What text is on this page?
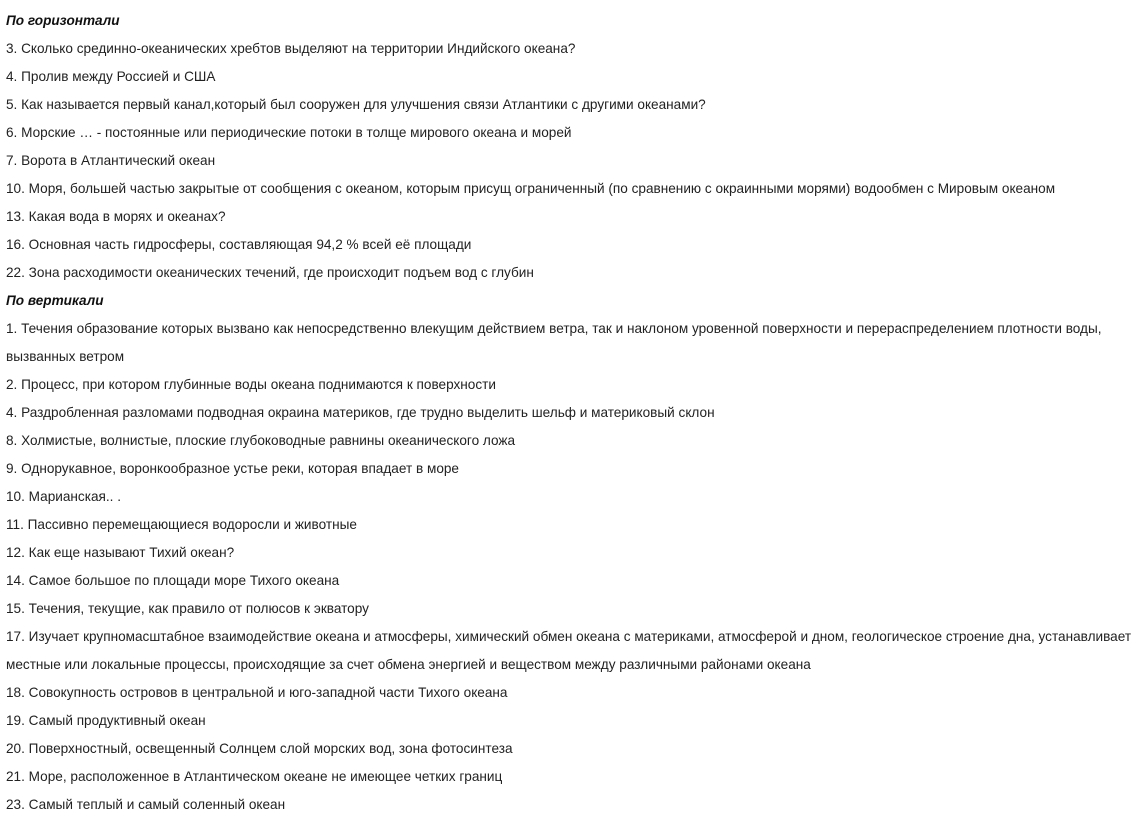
По горизонтали
3. Сколько срединно-океанических хребтов выделяют на территории Индийского океана?
4. Пролив между Россией и США
5. Как называется первый канал,который был сооружен для улучшения связи Атлантики с другими океанами?
6. Морские … - постоянные или периодические потоки в толще мирового океана и морей
7. Ворота в Атлантический океан
10. Моря, большей частью закрытые от сообщения с океаном, которым присущ ограниченный (по сравнению с окраинными морями) водообмен с Мировым океаном
13. Какая вода в морях и океанах?
16. Основная часть гидросферы, составляющая 94,2 % всей её площади
22. Зона расходимости океанических течений, где происходит подъем вод с глубин
По вертикали
1. Течения образование которых вызвано как непосредственно влекущим действием ветра, так и наклоном уровенной поверхности и перераспределением плотности воды, вызванных ветром
2. Процесс, при котором глубинные воды океана поднимаются к поверхности
4. Раздробленная разломами подводная окраина материков, где трудно выделить шельф и материковый склон
8. Холмистые, волнистые, плоские глубоководные равнины океанического ложа
9. Однорукавное, воронкообразное устье реки, которая впадает в море
10. Марианская.. .
11. Пассивно перемещающиеся водоросли и животные
12. Как еще называют Тихий океан?
14. Самое большое по площади море Тихого океана
15. Течения, текущие, как правило от полюсов к экватору
17. Изучает крупномасштабное взаимодействие океана и атмосферы, химический обмен океана с материками, атмосферой и дном, геологическое строение дна, устанавливает местные или локальные процессы, происходящие за счет обмена энергией и веществом между различными районами океана
18. Совокупность островов в центральной и юго-западной части Тихого океана
19. Самый продуктивный океан
20. Поверхностный, освещенный Солнцем слой морских вод, зона фотосинтеза
21. Море, расположенное в Атлантическом океане не имеющее четких границ
23. Самый теплый и самый соленный океан
